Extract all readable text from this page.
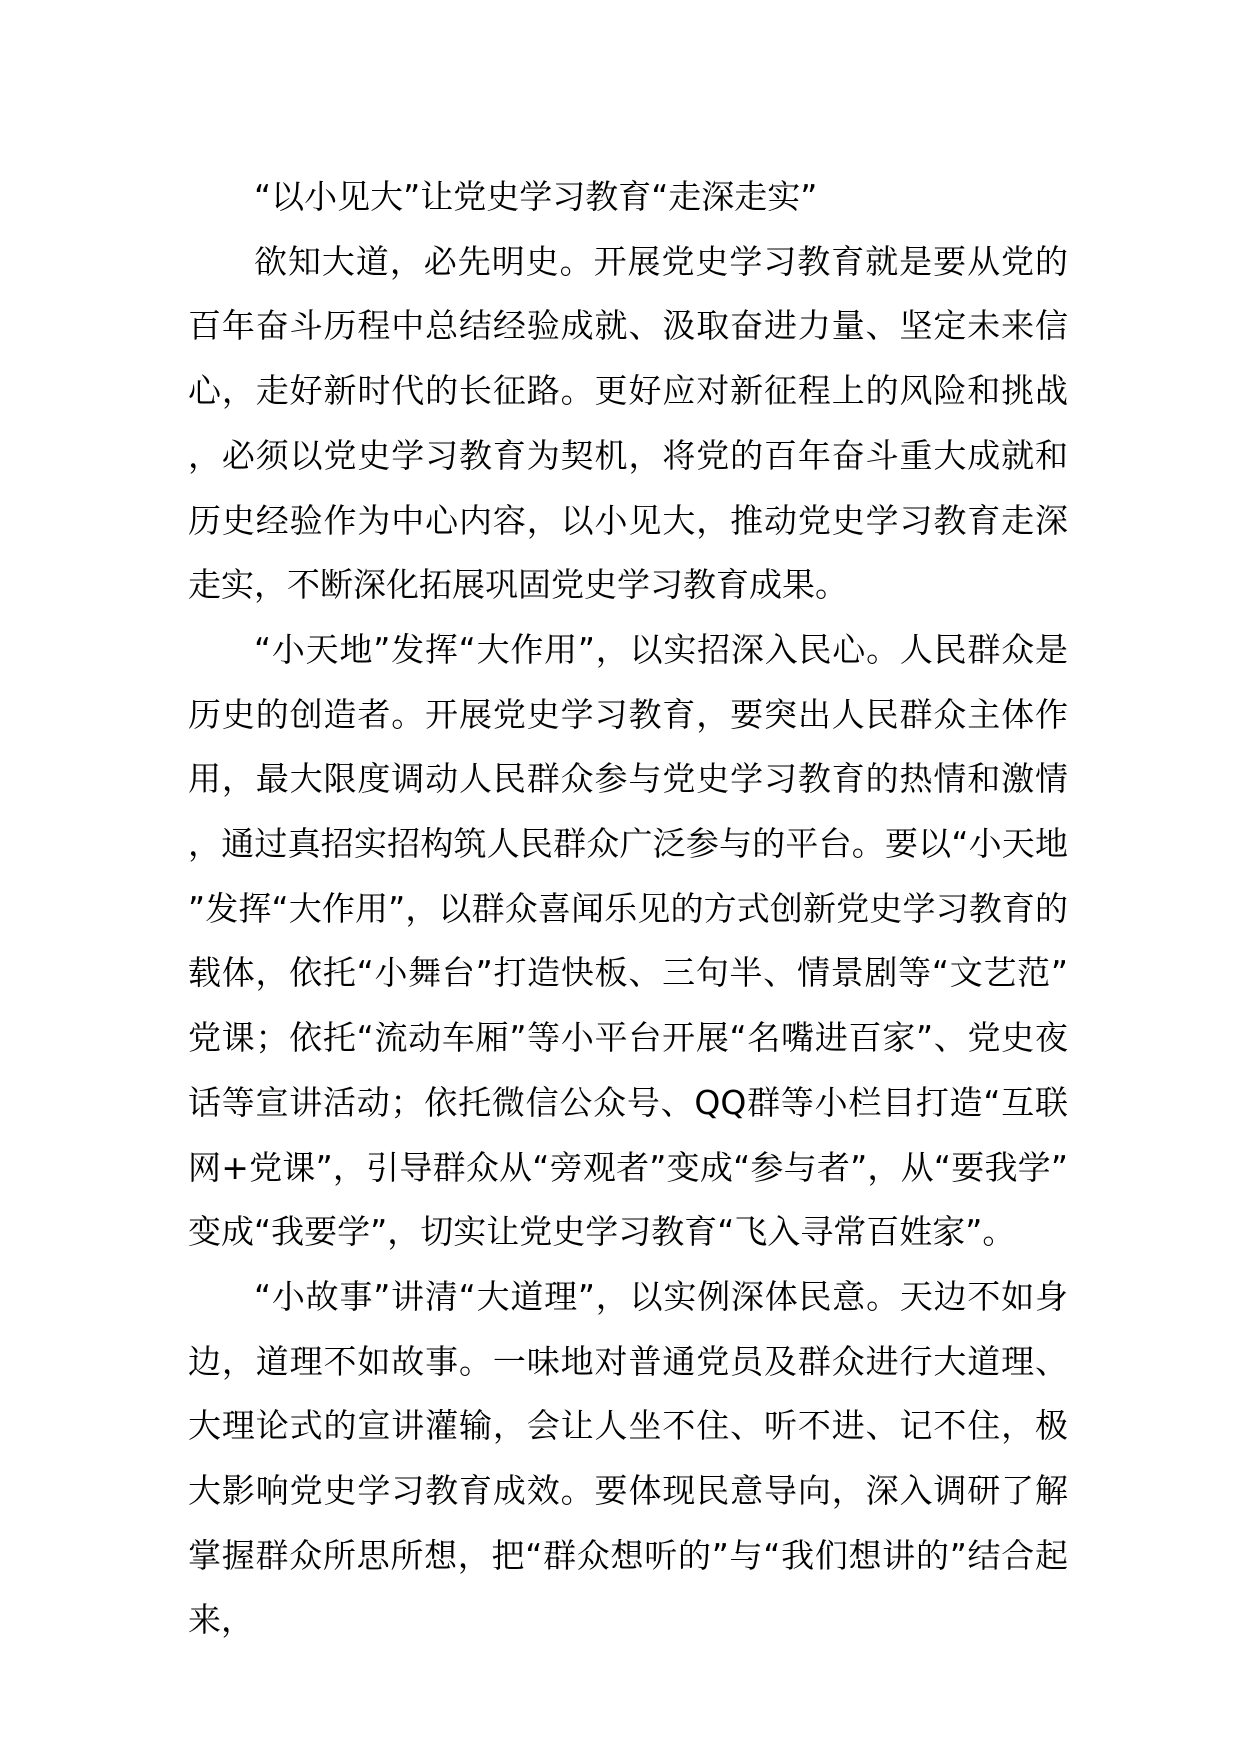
“以小见大”让党史学习教育“走深走实”

欲知大道，必先明史。开展党史学习教育就是要从党的百年奋斗历程中总结经验成就、汲取奋进力量、坚定未来信心，走好新时代的长征路。更好应对新征程上的风险和挑战，必须以党史学习教育为契机，将党的百年奋斗重大成就和历史经验作为中心内容，以小见大，推动党史学习教育走深走实，不断深化拓展巩固党史学习教育成果。

“小天地”发挥“大作用”，以实招深入民心。人民群众是历史的创造者。开展党史学习教育，要突出人民群众主体作用，最大限度调动人民群众参与党史学习教育的热情和激情，通过真招实招构筑人民群众广泛参与的平台。要以“小天地”发挥“大作用”，以群众喜闻乐见的方式创新党史学习教育的载体，依托“小舞台”打造快板、三句半、情景剧等“文艺范”党课；依托“流动车厢”等小平台开展“名嘴进百家”、党史夜话等宣讲活动；依托微信公众号、QQ群等小栏目打造“互联网+党课”，引导群众从“旁观者”变成“参与者”，从“要我学”变成“我要学”，切实让党史学习教育“飞入寻常百姓家”。

“小故事”讲清“大道理”，以实例深体民意。天边不如身边，道理不如故事。一味地对普通党员及群众进行大道理、大理论式的宣讲灌输，会让人坐不住、听不进、记不住，极大影响党史学习教育成效。要体现民意导向，深入调研了解掌握群众所思所想，把“群众想听的”与“我们想讲的”结合起来，
